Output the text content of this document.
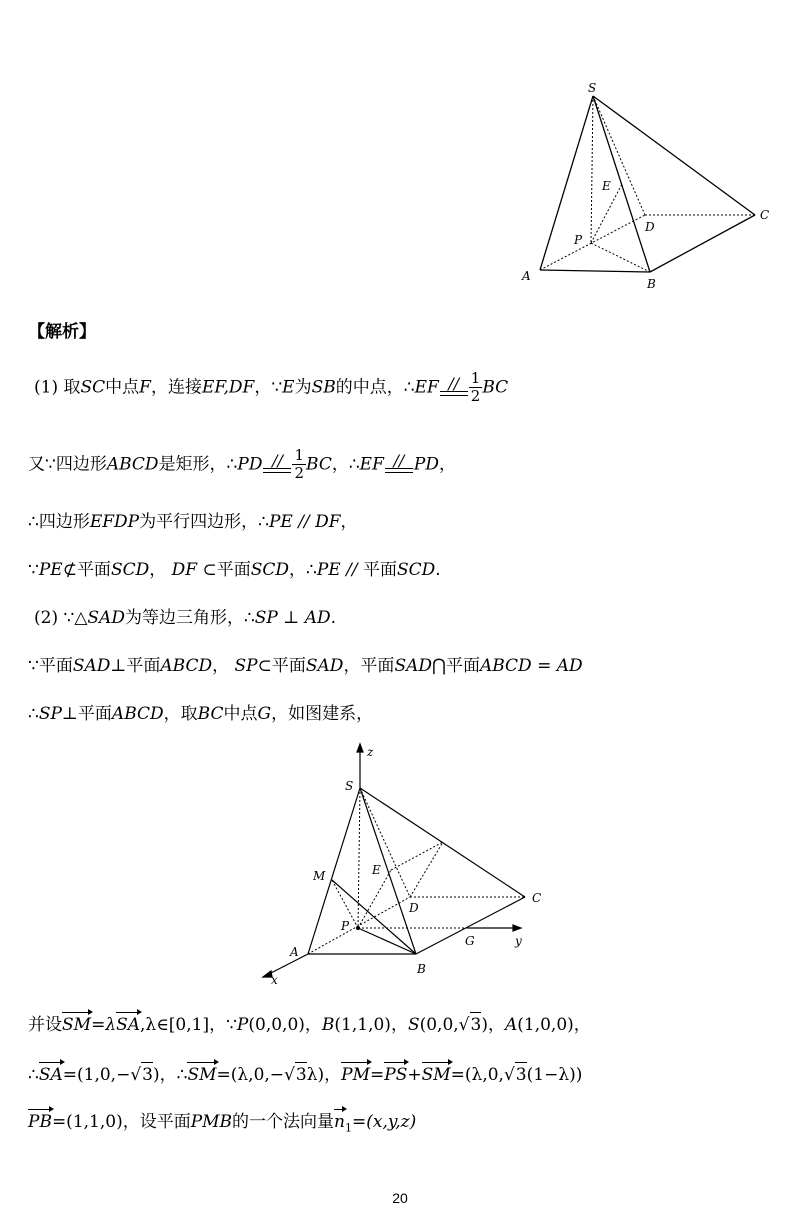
S
E
P
D
C
A
B
【解析】
(1) 取SC中点F，连接EF,DF，∵E为SB的中点，∴EF // $\frac{1}{2}$ BC
又∵四边形ABCD是矩形，∴PD // $\frac{1}{2}$ BC，∴EF // PD，
∴四边形EFDP为平行四边形，∴PE // DF，
∵PE⊄平面SCD， DF ⊂平面SCD，∴PE // 平面SCD.
(2) ∵△SAD为等边三角形，∴SP ⊥ AD.
∵平面SAD⊥平面ABCD， SP⊂平面SAD，平面SAD⋂平面ABCD = AD
∴SP⊥平面ABCD，取BC中点G，如图建系，
z
S
M	E
D
C
P
A
B
G	y
x
并设SM=λSA,λ∈[0,1]，∵P(0,0,0)，B(1,1,0)，S(0,0,√3)，A(1,0,0)，
∴SA=(1,0,−√3)，∴SM=(λ,0,−√3λ)，PM=PS+SM=(λ,0,√3(1−λ))
PB=(1,1,0)，设平面PMB的一个法向量$n_1=(x,y,z)$
20
